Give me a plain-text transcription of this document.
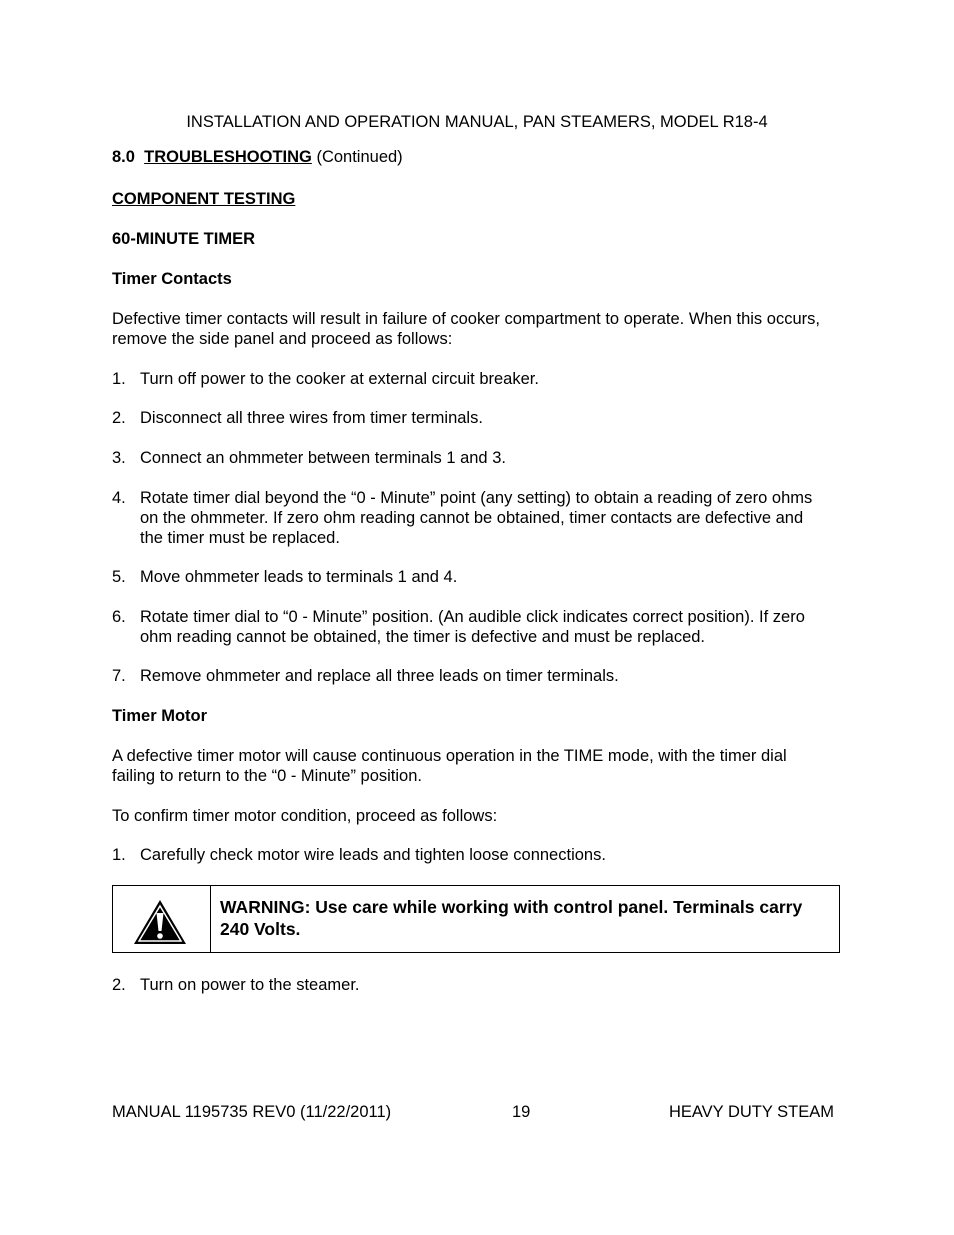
INSTALLATION AND OPERATION MANUAL, PAN STEAMERS, MODEL R18-4
8.0 TROUBLESHOOTING (Continued)
COMPONENT TESTING
60-MINUTE TIMER
Timer Contacts
Defective timer contacts will result in failure of cooker compartment to operate. When this occurs, remove the side panel and proceed as follows:
1. Turn off power to the cooker at external circuit breaker.
2. Disconnect all three wires from timer terminals.
3. Connect an ohmmeter between terminals 1 and 3.
4. Rotate timer dial beyond the “0 - Minute” point (any setting) to obtain a reading of zero ohms on the ohmmeter. If zero ohm reading cannot be obtained, timer contacts are defective and the timer must be replaced.
5. Move ohmmeter leads to terminals 1 and 4.
6. Rotate timer dial to “0 - Minute” position. (An audible click indicates correct position). If zero ohm reading cannot be obtained, the timer is defective and must be replaced.
7. Remove ohmmeter and replace all three leads on timer terminals.
Timer Motor
A defective timer motor will cause continuous operation in the TIME mode, with the timer dial failing to return to the “0 - Minute” position.
To confirm timer motor condition, proceed as follows:
1. Carefully check motor wire leads and tighten loose connections.
WARNING: Use care while working with control panel. Terminals carry 240 Volts.
2. Turn on power to the steamer.
MANUAL 1195735 REV0 (11/22/2011)	19	HEAVY DUTY STEAM
